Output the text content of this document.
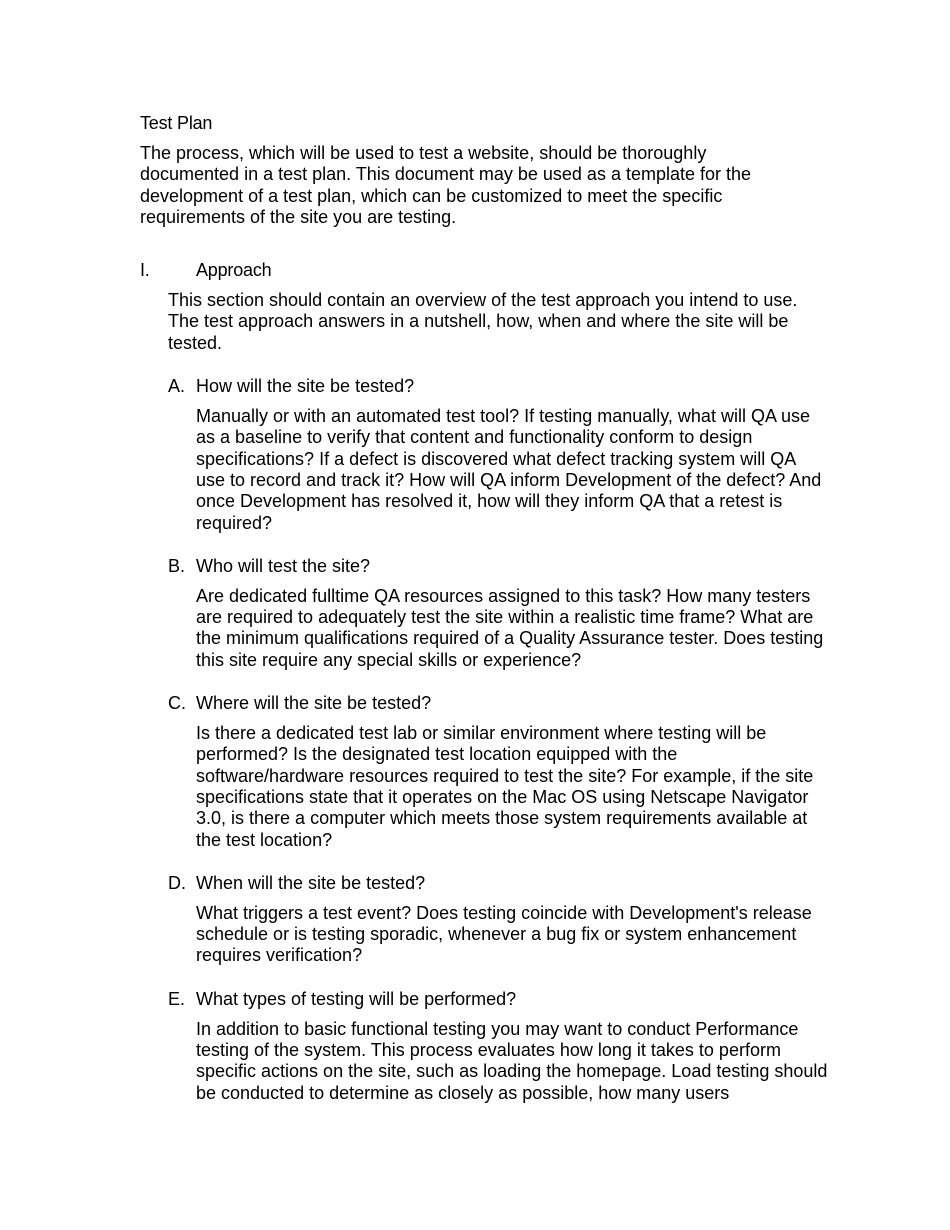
Test Plan

The process, which will be used to test a website, should be thoroughly documented in a test plan. This document may be used as a template for the development of a test plan, which can be customized to meet the specific requirements of the site you are testing.

I.	Approach

This section should contain an overview of the test approach you intend to use. The test approach answers in a nutshell, how, when and where the site will be tested.

A. How will the site be tested?

Manually or with an automated test tool? If testing manually, what will QA use as a baseline to verify that content and functionality conform to design specifications? If a defect is discovered what defect tracking system will QA use to record and track it? How will QA inform Development of the defect? And once Development has resolved it, how will they inform QA that a retest is required?

B. Who will test the site?

Are dedicated fulltime QA resources assigned to this task? How many testers are required to adequately test the site within a realistic time frame? What are the minimum qualifications required of a Quality Assurance tester. Does testing this site require any special skills or experience?

C. Where will the site be tested?

Is there a dedicated test lab or similar environment where testing will be performed? Is the designated test location equipped with the software/hardware resources required to test the site? For example, if the site specifications state that it operates on the Mac OS using Netscape Navigator 3.0, is there a computer which meets those system requirements available at the test location?

D. When will the site be tested?

What triggers a test event? Does testing coincide with Development's release schedule or is testing sporadic, whenever a bug fix or system enhancement requires verification?

E. What types of testing will be performed?

In addition to basic functional testing you may want to conduct Performance testing of the system. This process evaluates how long it takes to perform specific actions on the site, such as loading the homepage. Load testing should be conducted to determine as closely as possible, how many users
